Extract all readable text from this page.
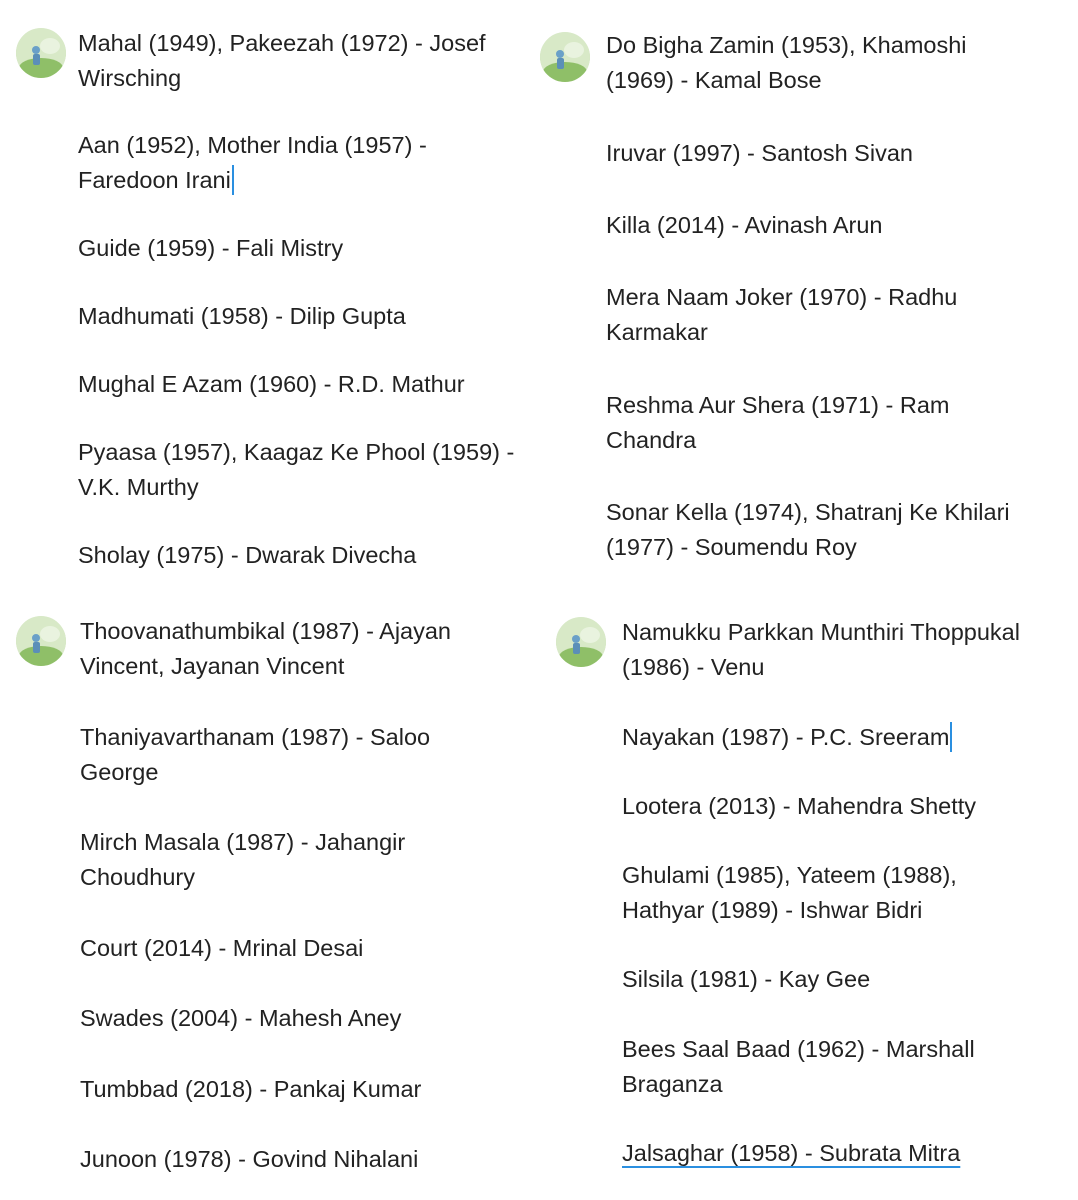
Mahal (1949), Pakeezah (1972) - Josef Wirsching
Aan (1952), Mother India (1957) - Faredoon Irani
Guide (1959) - Fali Mistry
Madhumati (1958) - Dilip Gupta
Mughal E Azam (1960) - R.D. Mathur
Pyaasa (1957), Kaagaz Ke Phool (1959) - V.K. Murthy
Sholay (1975) - Dwarak Divecha
Do Bigha Zamin (1953), Khamoshi (1969) - Kamal Bose
Iruvar (1997) - Santosh Sivan
Killa (2014) - Avinash Arun
Mera Naam Joker (1970) - Radhu Karmakar
Reshma Aur Shera (1971) - Ram Chandra
Sonar Kella (1974), Shatranj Ke Khilari (1977) - Soumendu Roy
Thoovanathumbikal (1987) - Ajayan Vincent, Jayanan Vincent
Thaniyavarthanam (1987) - Saloo George
Mirch Masala (1987) - Jahangir Choudhury
Court (2014) - Mrinal Desai
Swades (2004) - Mahesh Aney
Tumbbad (2018) - Pankaj Kumar
Junoon (1978) - Govind Nihalani
Namukku Parkkan Munthiri Thoppukal (1986) - Venu
Nayakan (1987) - P.C. Sreeram
Lootera (2013) - Mahendra Shetty
Ghulami (1985), Yateem (1988), Hathyar (1989) - Ishwar Bidri
Silsila (1981) - Kay Gee
Bees Saal Baad (1962) - Marshall Braganza
Jalsaghar (1958) - Subrata Mitra
